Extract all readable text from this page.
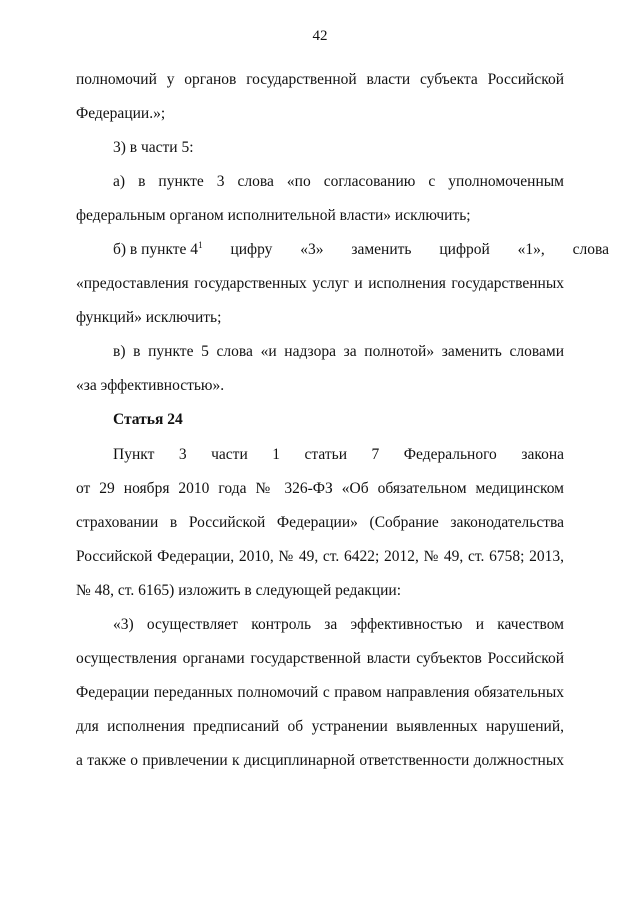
42
полномочий у органов государственной власти субъекта Российской
Федерации.»;
3) в части 5:
а) в пункте 3 слова «по согласованию с уполномоченным
федеральным органом исполнительной власти» исключить;
б) в пункте $4^1$ цифру «3» заменить цифрой «1», слова
«предоставления государственных услуг и исполнения государственных
функций» исключить;
в) в пункте 5 слова «и надзора за полнотой» заменить словами
«за эффективностью».
Статья 24
Пункт 3 части 1 статьи 7 Федерального закона
от 29 ноября 2010 года № 326-ФЗ «Об обязательном медицинском
страховании в Российской Федерации» (Собрание законодательства
Российской Федерации, 2010, № 49, ст. 6422; 2012, № 49, ст. 6758; 2013,
№ 48, ст. 6165) изложить в следующей редакции:
«3) осуществляет контроль за эффективностью и качеством
осуществления органами государственной власти субъектов Российской
Федерации переданных полномочий с правом направления обязательных
для исполнения предписаний об устранении выявленных нарушений,
а также о привлечении к дисциплинарной ответственности должностных
